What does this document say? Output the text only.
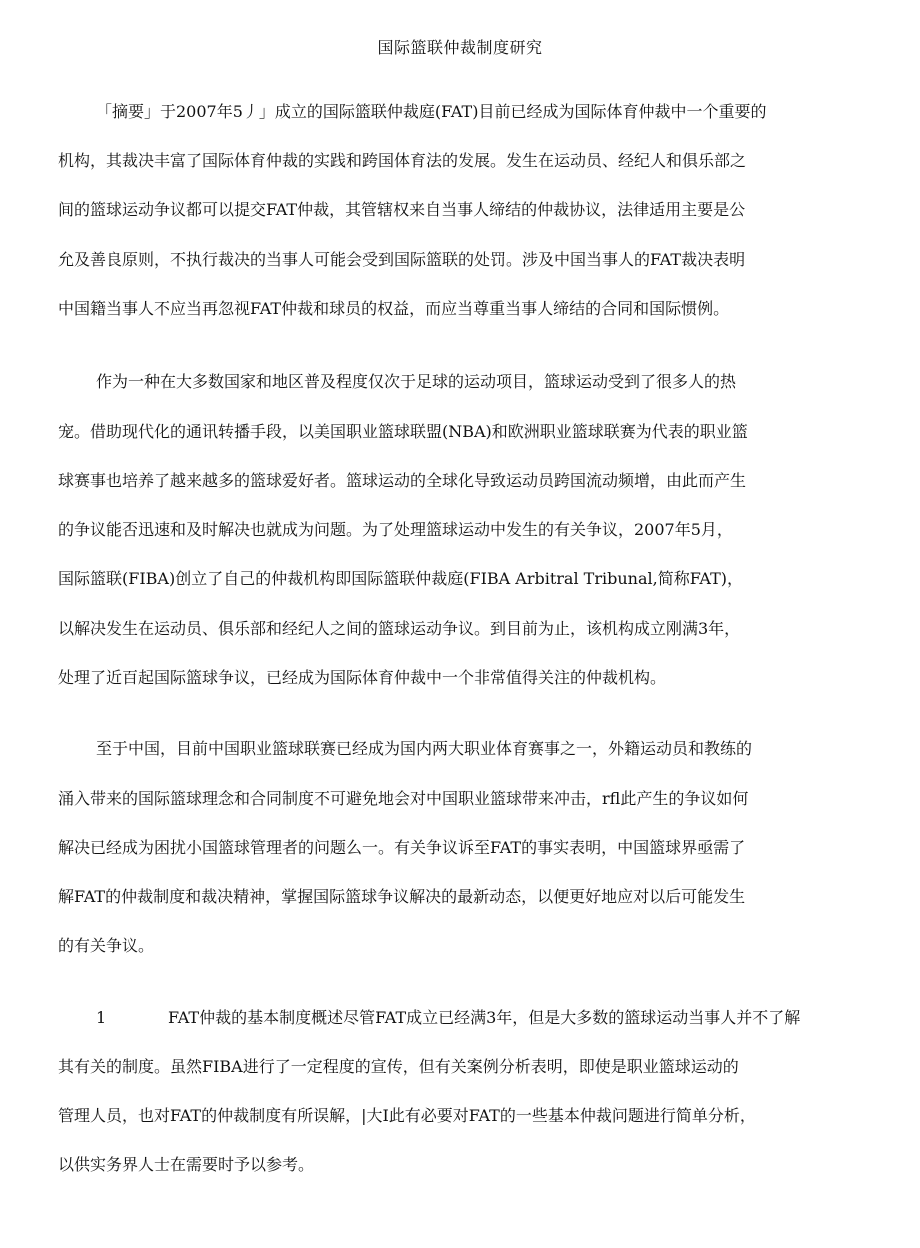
国际篮联仲裁制度研究
「摘要」于2007年5丿」成立的国际篮联仲裁庭(FAT)目前已经成为国际体育仲裁中一个重要的
机构，其裁决丰富了国际体育仲裁的实践和跨国体育法的发展。发生在运动员、经纪人和俱乐部之
间的篮球运动争议都可以提交FAT仲裁，其管辖权来自当事人缔结的仲裁协议，法律适用主要是公
允及善良原则，不执行裁决的当事人可能会受到国际篮联的处罚。涉及中国当事人的FAT裁决表明
中国籍当事人不应当再忽视FAT仲裁和球员的权益，而应当尊重当事人缔结的合同和国际惯例。
作为一种在大多数国家和地区普及程度仅次于足球的运动项目，篮球运动受到了很多人的热
宠。借助现代化的通讯转播手段，以美国职业篮球联盟(NBA)和欧洲职业篮球联赛为代表的职业篮
球赛事也培养了越来越多的篮球爱好者。篮球运动的全球化导致运动员跨国流动频增，由此而产生
的争议能否迅速和及时解决也就成为问题。为了处理篮球运动中发生的有关争议，2007年5月，
国际篮联(FIBA)创立了自己的仲裁机构即国际篮联仲裁庭(FIBA Arbitral Tribunal,简称FAT)，
以解决发生在运动员、俱乐部和经纪人之间的篮球运动争议。到目前为止，该机构成立刚满3年，
处理了近百起国际篮球争议，已经成为国际体育仲裁中一个非常值得关注的仲裁机构。
至于中国，目前中国职业篮球联赛已经成为国内两大职业体育赛事之一，外籍运动员和教练的
涌入带来的国际篮球理念和合同制度不可避免地会对中国职业篮球带来冲击，rfl此产生的争议如何
解决已经成为困扰小国篮球管理者的问题么一。有关争议诉至FAT的事实表明，中国篮球界亟需了
解FAT的仲裁制度和裁决精神，掌握国际篮球争议解决的最新动态，以便更好地应对以后可能发生
的有关争议。
1	FAT仲裁的基本制度概述尽管FAT成立已经满3年，但是大多数的篮球运动当事人并不了解
其有关的制度。虽然FIBA进行了一定程度的宣传，但有关案例分析表明，即使是职业篮球运动的
管理人员，也对FAT的仲裁制度有所误解，|大I此有必要对FAT的一些基本仲裁问题进行简单分析，
以供实务界人士在需要时予以参考。
